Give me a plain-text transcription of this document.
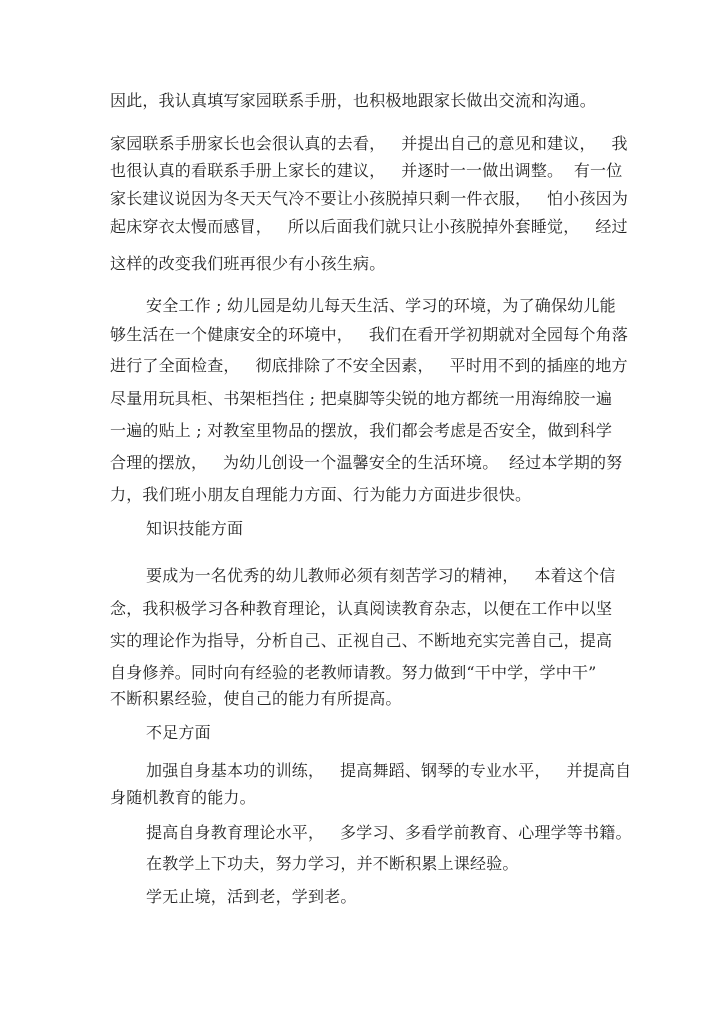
因此，我认真填写家园联系手册，也积极地跟家长做出交流和沟通。
家园联系手册家长也会很认真的去看，   并提出自己的意见和建议，   我
也很认真的看联系手册上家长的建议，   并逐时一一做出调整。  有一位
家长建议说因为冬天天气冷不要让小孩脱掉只剩一件衣服，   怕小孩因为
起床穿衣太慢而感冒，   所以后面我们就只让小孩脱掉外套睡觉，   经过
这样的改变我们班再很少有小孩生病。
安全工作 ; 幼儿园是幼儿每天生活、学习的环境，为了确保幼儿能
够生活在一个健康安全的环境中，   我们在看开学初期就对全园每个角落
进行了全面检查，   彻底排除了不安全因素，   平时用不到的插座的地方
尽量用玩具柜、书架柜挡住 ; 把桌脚等尖锐的地方都统一用海绵胶一遍
一遍的贴上 ; 对教室里物品的摆放，我们都会考虑是否安全，做到科学
合理的摆放，   为幼儿创设一个温馨安全的生活环境。  经过本学期的努
力，我们班小朋友自理能力方面、行为能力方面进步很快。
知识技能方面
要成为一名优秀的幼儿教师必须有刻苦学习的精神，   本着这个信
念，我积极学习各种教育理论，认真阅读教育杂志，以便在工作中以坚
实的理论作为指导，分析自己、正视自己、不断地充实完善自己，提高
自身修养。同时向有经验的老教师请教。努力做到“干中学，学中干”
不断积累经验，使自己的能力有所提高。
不足方面
加强自身基本功的训练，   提高舞蹈、钢琴的专业水平，   并提高自
身随机教育的能力。
提高自身教育理论水平，   多学习、多看学前教育、心理学等书籍。
在教学上下功夫，努力学习，并不断积累上课经验。
学无止境，活到老，学到老。
